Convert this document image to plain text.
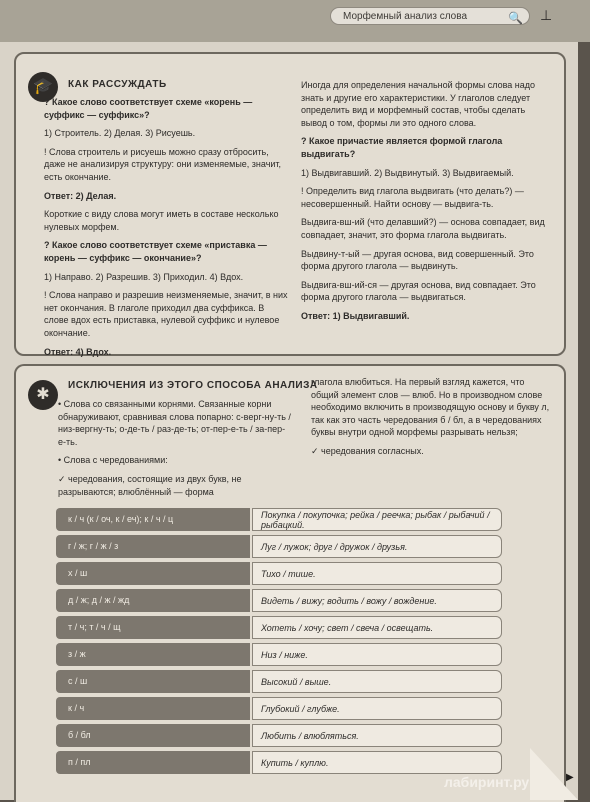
Морфемный анализ слова	🔍 ⊥
🎓	КАК РАССУЖДАТЬ

? Какое слово соответствует схеме «корень — суффикс — суффикс»?

1) Строитель. 2) Делая. 3) Рисуешь.

! Слова строитель и рисуешь можно сразу отбросить, даже не анализируя структуру: они изменяемые, значит, есть окончание.

Ответ: 2) Делая.

Короткие с виду слова могут иметь в составе несколько нулевых морфем.

? Какое слово соответствует схеме «приставка — корень — суффикс — окончание»?

1) Направо. 2) Разрешив. 3) Приходил. 4) Вдох.

! Слова направо и разрешив неизменяемые, значит, в них нет окончания. В глаголе приходил два суффикса. В слове вдох есть приставка, нулевой суффикс и нулевое окончание.

Ответ: 4) Вдох.

Иногда для определения начальной формы слова надо знать и другие его характеристики. У глаголов следует определить вид и морфемный состав, чтобы сделать вывод о том, формы ли это одного слова.

? Какое причастие является формой глагола выдвигать?

1) Выдвигавший. 2) Выдвинутый. 3) Выдвигаемый.

! Определить вид глагола выдвигать (что делать?) — несовершенный. Найти основу — выдвига-ть.

Выдвига-вш-ий (что делавший?) — основа совпадает, вид совпадает, значит, это форма глагола выдвигать.

Выдвину-т-ый — другая основа, вид совершенный. Это форма другого глагола — выдвинуть.

Выдвига-вш-ий-ся — другая основа, вид совпадает. Это форма другого глагола — выдвигаться.

Ответ: 1) Выдвигавший.

✱
ИСКЛЮЧЕНИЯ ИЗ ЭТОГО СПОСОБА АНАЛИЗА

• Слова со связанными корнями. Связанные корни обнаруживают, сравнивая слова попарно: с-верг-ну-ть / низ-вергну-ть; о-де-ть / раз-де-ть; от-пер-е-ть / за-пер-е-ть.

• Слова с чередованиями:

✓ чередования, состоящие из двух букв, не разрываются; влюблённый — форма

глагола влюбиться. На первый взгляд кажется, что общий элемент слов — влюб. Но в производном слове необходимо включить в производящую основу и букву л, так как это часть чередования б / бл, а в чередованиях буквы внутри одной морфемы разрывать нельзя;

✓ чередования согласных.

к / ч (к / оч, к / еч); к / ч / ц	Покупка / покупочка; рейка / реечка; рыбак / рыбачий / рыбацкий.
г / ж; г / ж / з	Луг / лужок; друг / дружок / друзья.
х / ш	Тихо / тише.
д / ж; д / ж / жд	Видеть / вижу; водить / вожу / вождение.
т / ч; т / ч / щ	Хотеть / хочу; свет / свеча / освещать.
з / ж	Низ / ниже.
с / ш	Высокий / выше.
к / ч	Глубокий / глубже.
б / бл	Любить / влюбляться.
п / пл	Купить / куплю.
лабиринт.ру	▶
